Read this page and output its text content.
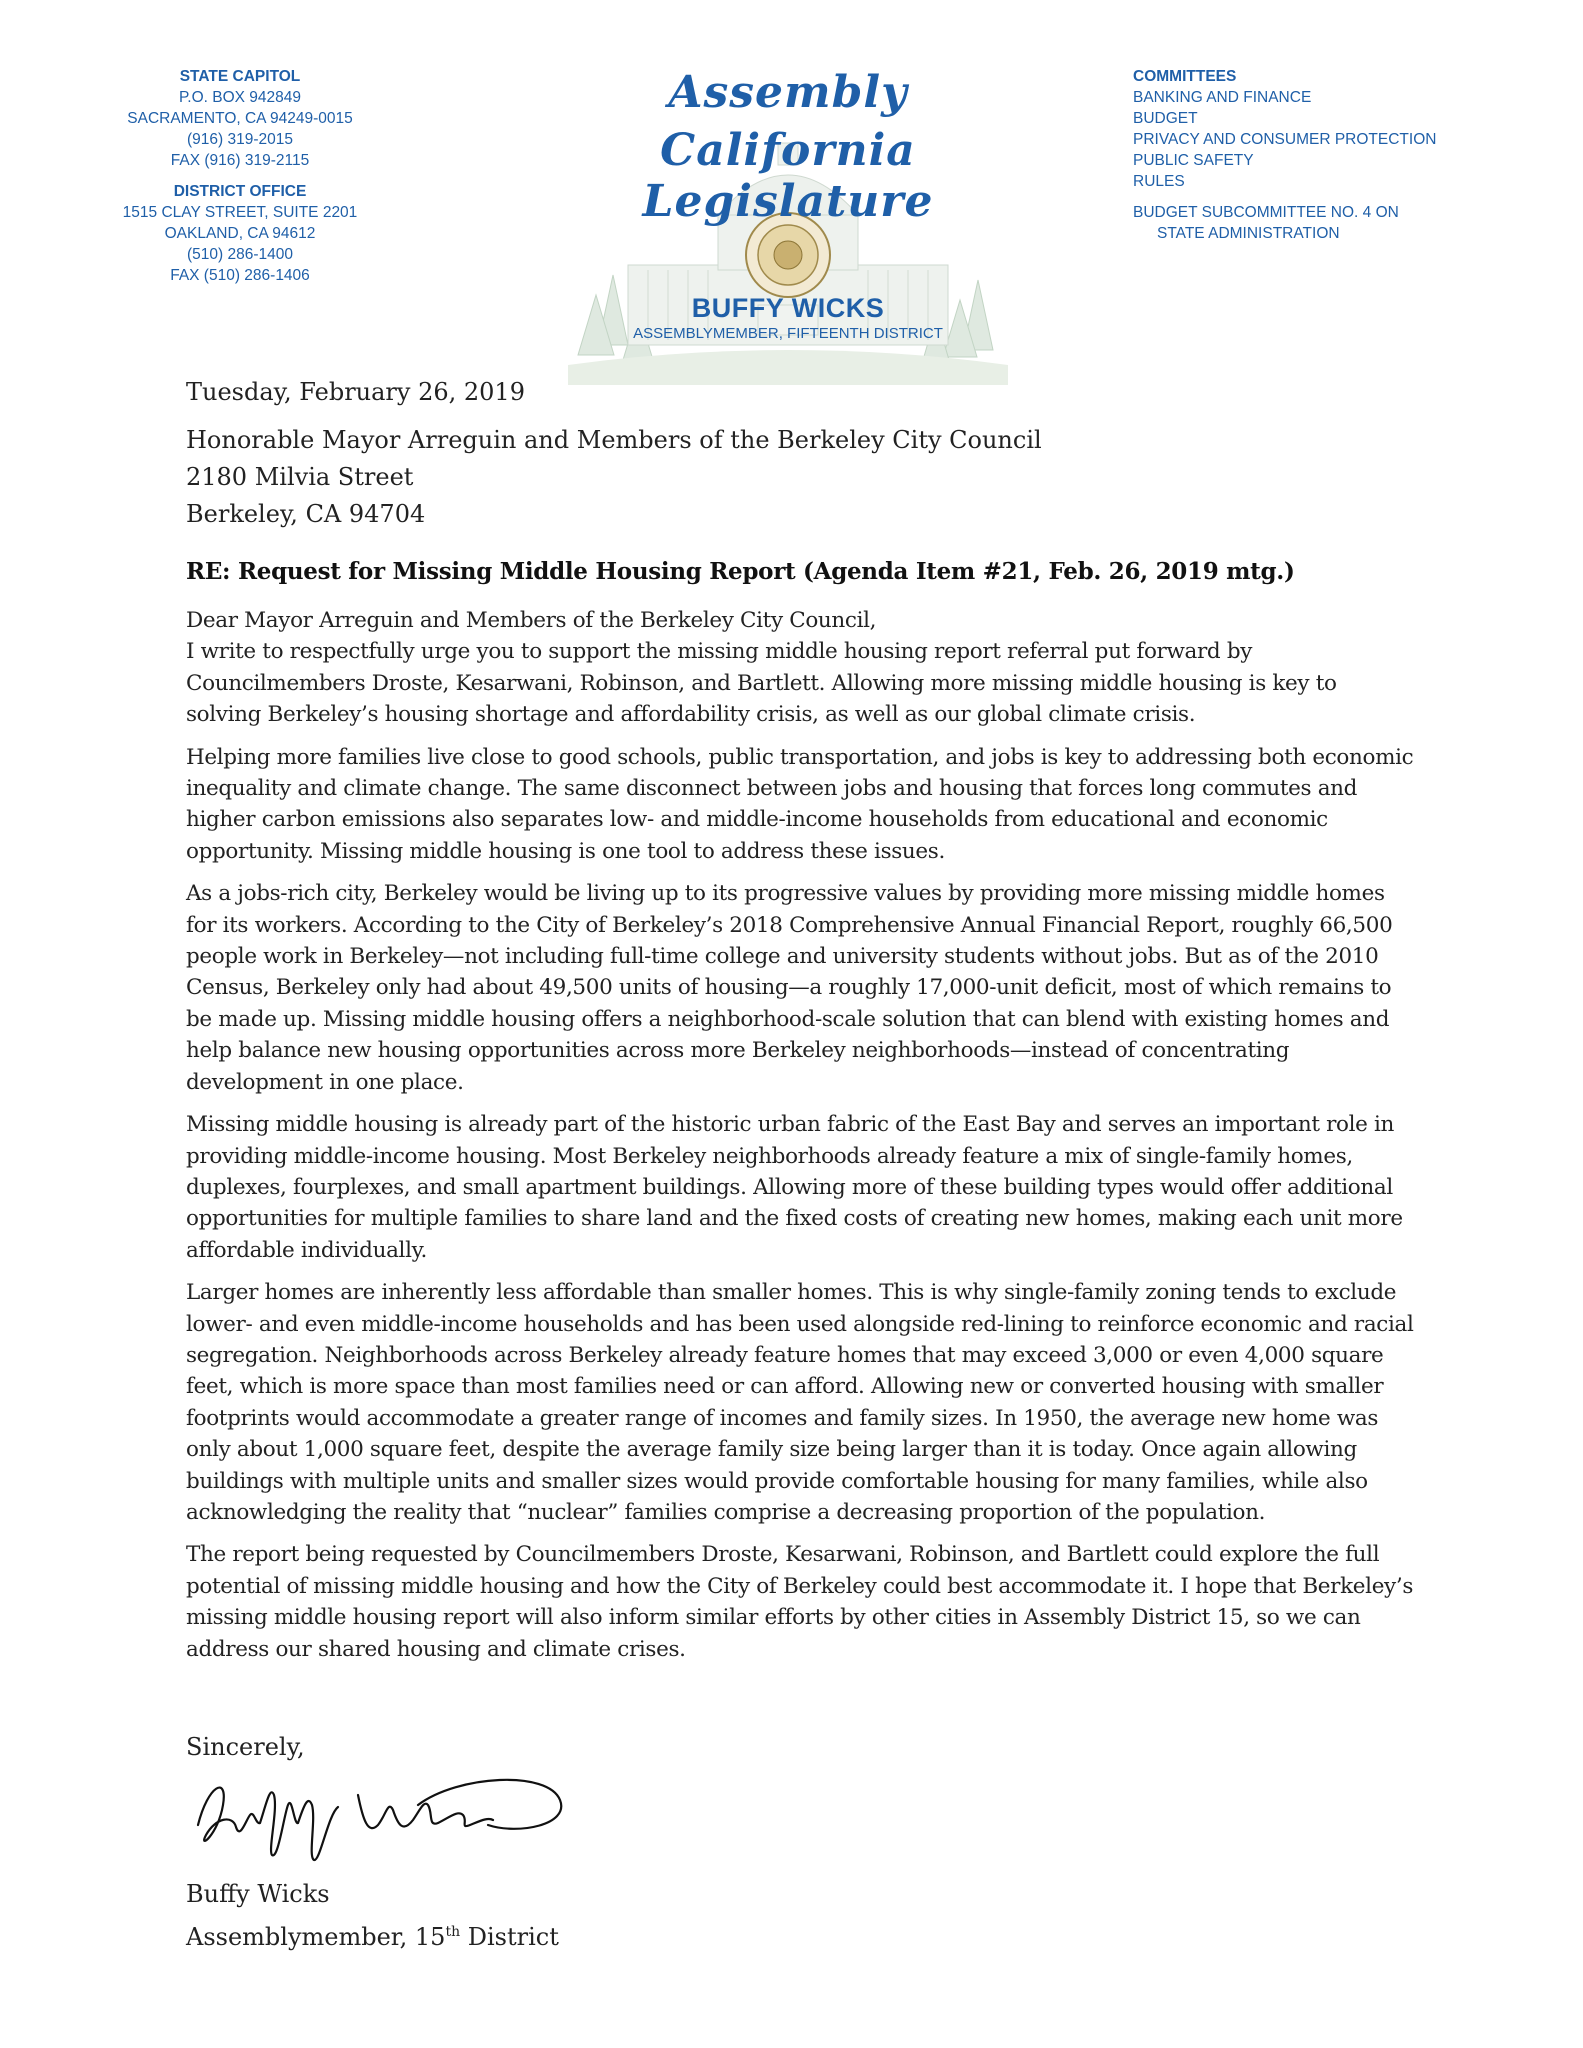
STATE CAPITOL
P.O. BOX 942849
SACRAMENTO, CA 94249-0015
(916) 319-2015
FAX (916) 319-2115
DISTRICT OFFICE
1515 CLAY STREET, SUITE 2201
OAKLAND, CA 94612
(510) 286-1400
FAX (510) 286-1406
Assembly
California Legislature
BUFFY WICKS
ASSEMBLYMEMBER, FIFTEENTH DISTRICT
COMMITTEES
BANKING AND FINANCE
BUDGET
PRIVACY AND CONSUMER PROTECTION
PUBLIC SAFETY
RULES
BUDGET SUBCOMMITTEE NO. 4 ON
STATE ADMINISTRATION
Tuesday, February 26, 2019
Honorable Mayor Arreguin and Members of the Berkeley City Council
2180 Milvia Street
Berkeley, CA 94704
RE: Request for Missing Middle Housing Report (Agenda Item #21, Feb. 26, 2019 mtg.)

Dear Mayor Arreguin and Members of the Berkeley City Council,

I write to respectfully urge you to support the missing middle housing report referral put forward by Councilmembers Droste, Kesarwani, Robinson, and Bartlett. Allowing more missing middle housing is key to solving Berkeley’s housing shortage and affordability crisis, as well as our global climate crisis.

Helping more families live close to good schools, public transportation, and jobs is key to addressing both economic inequality and climate change. The same disconnect between jobs and housing that forces long commutes and higher carbon emissions also separates low- and middle-income households from educational and economic opportunity. Missing middle housing is one tool to address these issues.

As a jobs-rich city, Berkeley would be living up to its progressive values by providing more missing middle homes for its workers. According to the City of Berkeley’s 2018 Comprehensive Annual Financial Report, roughly 66,500 people work in Berkeley—not including full-time college and university students without jobs. But as of the 2010 Census, Berkeley only had about 49,500 units of housing—a roughly 17,000-unit deficit, most of which remains to be made up. Missing middle housing offers a neighborhood-scale solution that can blend with existing homes and help balance new housing opportunities across more Berkeley neighborhoods—instead of concentrating development in one place.

Missing middle housing is already part of the historic urban fabric of the East Bay and serves an important role in providing middle-income housing. Most Berkeley neighborhoods already feature a mix of single-family homes, duplexes, fourplexes, and small apartment buildings. Allowing more of these building types would offer additional opportunities for multiple families to share land and the fixed costs of creating new homes, making each unit more affordable individually.

Larger homes are inherently less affordable than smaller homes. This is why single-family zoning tends to exclude lower- and even middle-income households and has been used alongside red-lining to reinforce economic and racial segregation. Neighborhoods across Berkeley already feature homes that may exceed 3,000 or even 4,000 square feet, which is more space than most families need or can afford. Allowing new or converted housing with smaller footprints would accommodate a greater range of incomes and family sizes. In 1950, the average new home was only about 1,000 square feet, despite the average family size being larger than it is today. Once again allowing buildings with multiple units and smaller sizes would provide comfortable housing for many families, while also acknowledging the reality that “nuclear” families comprise a decreasing proportion of the population.

The report being requested by Councilmembers Droste, Kesarwani, Robinson, and Bartlett could explore the full potential of missing middle housing and how the City of Berkeley could best accommodate it. I hope that Berkeley’s missing middle housing report will also inform similar efforts by other cities in Assembly District 15, so we can address our shared housing and climate crises.

Sincerely,
Buffy Wicks
Assemblymember, 15th District
